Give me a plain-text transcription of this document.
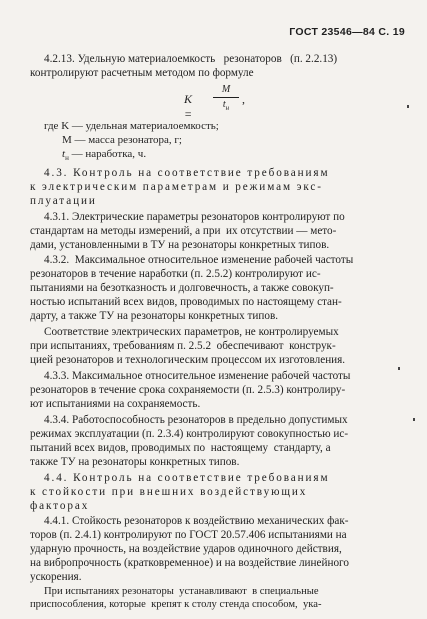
ГОСТ 23546—84 С. 19

4.2.13. Удельную материалоемкость   резонаторов   (п. 2.2.13)

контролируют расчетным методом по формуле

K =
M
$t_н$
,
где K — удельная материалоемкость;
M — масса резонатора, г;
$t_н$ — наработка, ч.

4.3. Контроль на соответствие требованиям

к электрическим параметрам и режимам экс-

плуатации

4.3.1. Электрические параметры резонаторов контролируют по

стандартам на методы измерений, а при  их отсутствии — мето-

дами, установленными в ТУ на резонаторы конкретных типов.

4.3.2.  Максимальное относительное изменение рабочей частоты

резонаторов в течение наработки (п. 2.5.2) контролируют ис-

пытаниями на безотказность и долговечность, а также совокуп-

ностью испытаний всех видов, проводимых по настоящему стан-

дарту, а также ТУ на резонаторы конкретных типов.

Соответствие электрических параметров, не контролируемых

при испытаниях, требованиям п. 2.5.2  обеспечивают  конструк-

цией резонаторов и технологическим процессом их изготовления.

4.3.3. Максимальное относительное изменение рабочей частоты

резонаторов в течение срока сохраняемости (п. 2.5.3) контролиру-

ют испытаниями на сохраняемость.

4.3.4. Работоспособность резонаторов в предельно допустимых

режимах эксплуатации (п. 2.3.4) контролируют совокупностью ис-

пытаний всех видов, проводимых по  настоящему  стандарту, а

также ТУ на резонаторы конкретных типов.

4.4. Контроль на соответствие требованиям

к стойкости при внешних воздействующих

факторах

4.4.1. Стойкость резонаторов к воздействию механических фак-

торов (п. 2.4.1) контролируют по ГОСТ 20.57.406 испытаниями на

ударную прочность, на воздействие ударов одиночного действия,

на вибропрочность (кратковременное) и на воздействие линейного

ускорения.

При испытаниях резонаторы  устанавливают  в специальные

приспособления, которые  крепят к столу стенда способом,  ука-
